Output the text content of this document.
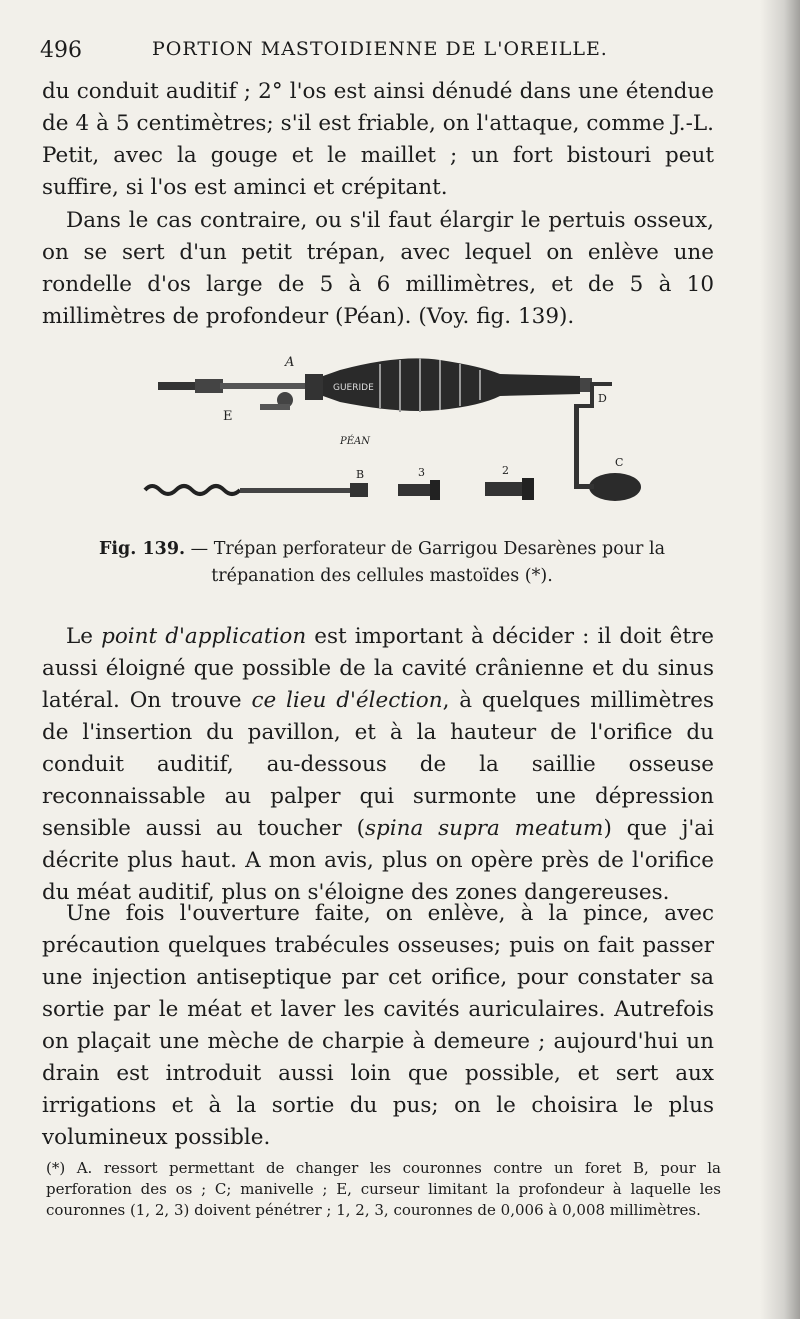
496	PORTION MASTOIDIENNE DE L'OREILLE.

du conduit auditif ; 2° l'os est ainsi dénudé dans une étendue de 4 à 5 centimètres; s'il est friable, on l'attaque, comme J.-L. Petit, avec la gouge et le maillet ; un fort bistouri peut suffire, si l'os est aminci et crépitant.

Dans le cas contraire, ou s'il faut élargir le pertuis osseux, on se sert d'un petit trépan, avec lequel on enlève une rondelle d'os large de 5 à 6 millimètres, et de 5 à 10 millimètres de profondeur (Péan). (Voy. fig. 139).

GUERIDE
A
E
D
C
B	3	2
PÉAN
Fig. 139. — Trépan perforateur de Garrigou Desarènes pour la trépanation des cellules mastoïdes (*).

Le point d'application est important à décider : il doit être aussi éloigné que possible de la cavité crânienne et du sinus latéral. On trouve ce lieu d'élection, à quelques millimètres de l'insertion du pavillon, et à la hauteur de l'orifice du conduit auditif, au-dessous de la saillie osseuse reconnaissable au palper qui surmonte une dépression sensible aussi au toucher (spina supra meatum) que j'ai décrite plus haut. A mon avis, plus on opère près de l'orifice du méat auditif, plus on s'éloigne des zones dangereuses.

Une fois l'ouverture faite, on enlève, à la pince, avec précaution quelques trabécules osseuses; puis on fait passer une injection antiseptique par cet orifice, pour constater sa sortie par le méat et laver les cavités auriculaires. Autrefois on plaçait une mèche de charpie à demeure ; aujourd'hui un drain est introduit aussi loin que possible, et sert aux irrigations et à la sortie du pus; on le choisira le plus volumineux possible.

(*) A. ressort permettant de changer les couronnes contre un foret B, pour la perforation des os ; C; manivelle ; E, curseur limitant la profondeur à laquelle les couronnes (1, 2, 3) doivent pénétrer ; 1, 2, 3, couronnes de 0,006 à 0,008 millimètres.
